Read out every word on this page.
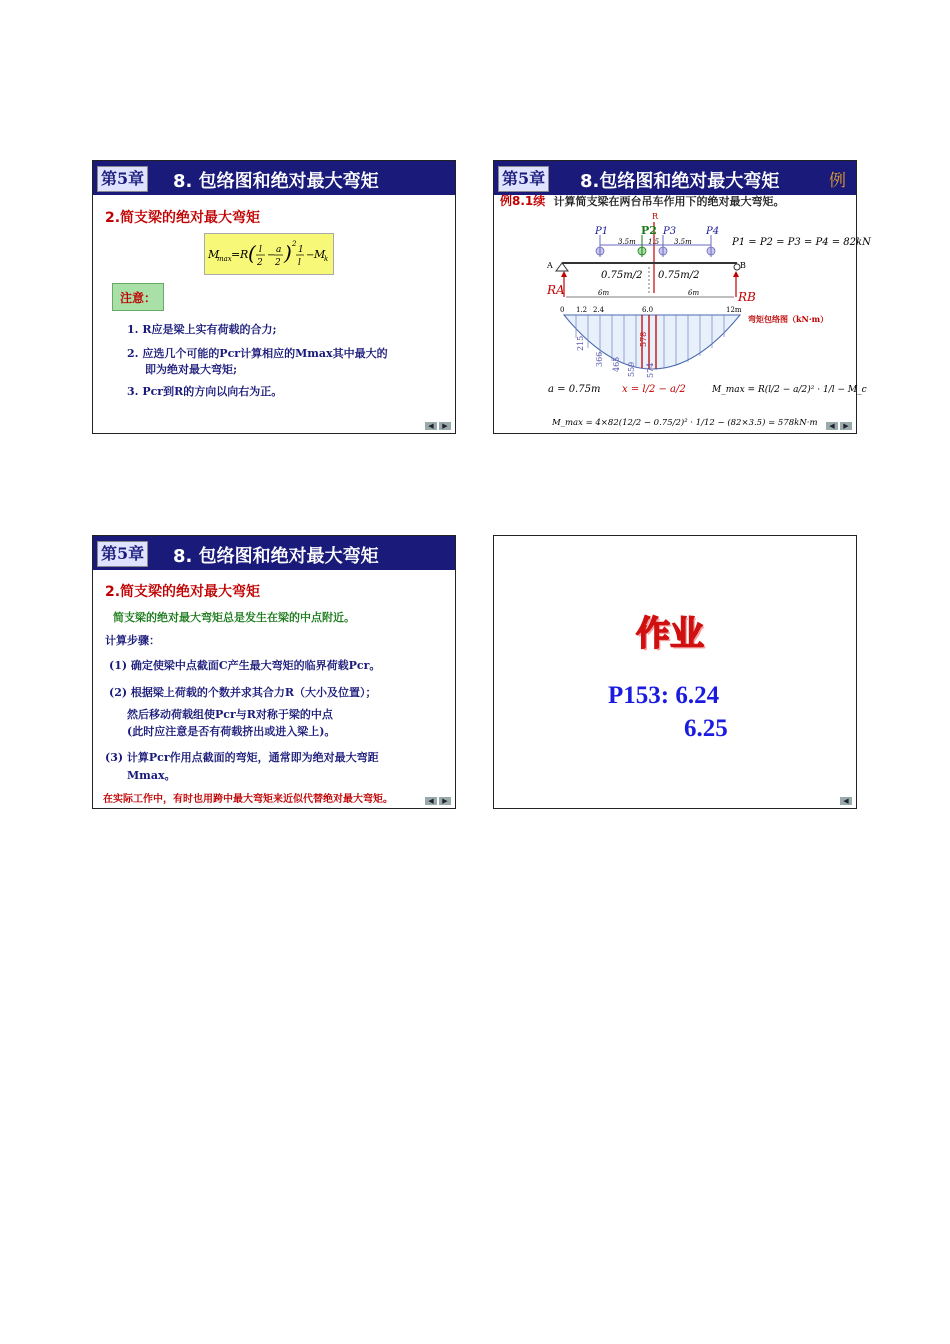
第5章 8. 包络图和绝对最大弯矩
2.简支梁的绝对最大弯矩
M
max = R ( l
2
− a
2 ) 2
1
l
− M
k
注意：
1. R应是梁上实有荷载的合力;
2. 应选几个可能的Pcr计算相应的Mmax其中最大的
即为绝对最大弯矩;
3. Pcr到R的方向以向右为正。
◀	▶
第5章 8.包络图和绝对最大弯矩	例
例8.1续 计算简支梁在两台吊车作用下的绝对最大弯矩。
R
P1	P2 P3	P4
3.5m 1.5 3.5m	P1 = P2 = P3 = P4 = 82kN
A	B
0.75m/2 0.75m/2
RA	RB
6m	6m
0 1.2 2.4	6.0	12m
弯矩包络图（kN·m）
215
366 465 559
578
574
a = 0.75m x = l/2 − a/2	M_max = R(l/2 − a/2)² · 1/l − M_c
M_max = 4×82(12/2 − 0.75/2)² · 1/12 − (82×3.5) = 578kN·m	◀	▶
第5章 8. 包络图和绝对最大弯矩
2.简支梁的绝对最大弯矩
简支梁的绝对最大弯矩总是发生在梁的中点附近。
计算步骤：
(1) 确定使梁中点截面C产生最大弯矩的临界荷载Pcr。
(2) 根据梁上荷载的个数并求其合力R（大小及位置）；
然后移动荷载组使Pcr与R对称于梁的中点
(此时应注意是否有荷载挤出或进入梁上)。
(3) 计算Pcr作用点截面的弯矩，通常即为绝对最大弯距
Mmax。
在实际工作中，有时也用跨中最大弯矩来近似代替绝对最大弯矩。	◀	▶
作业
P153: 6.24
6.25
◀
